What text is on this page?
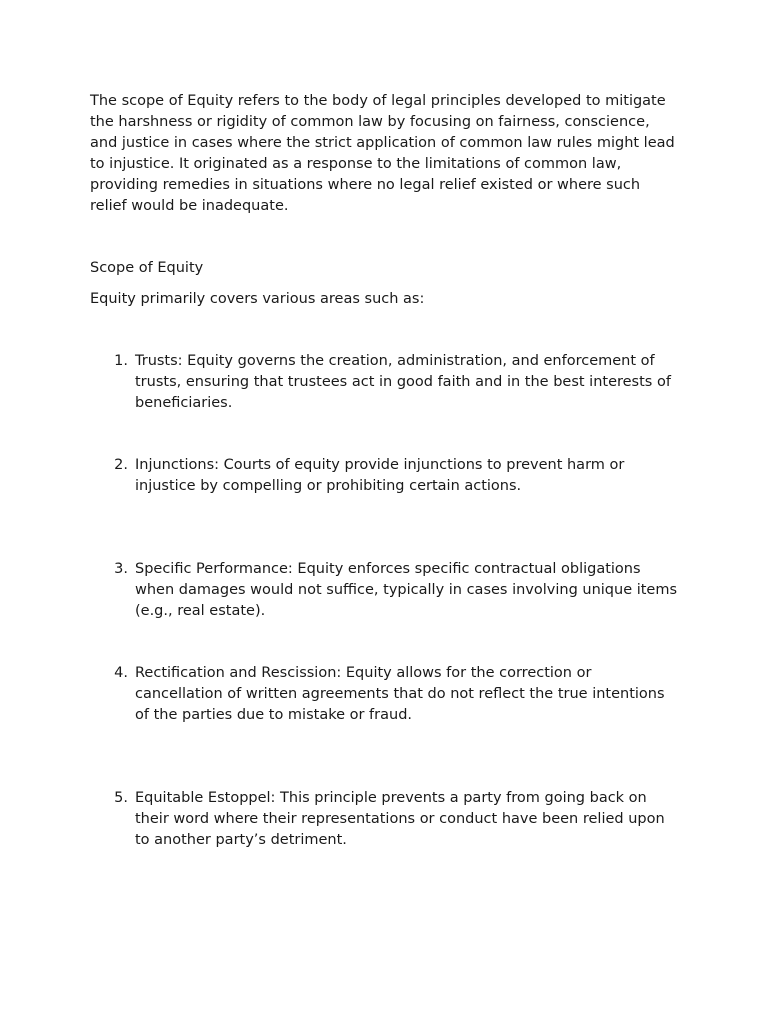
The scope of Equity refers to the body of legal principles developed to mitigate the harshness or rigidity of common law by focusing on fairness, conscience, and justice in cases where the strict application of common law rules might lead to injustice. It originated as a response to the limitations of common law, providing remedies in situations where no legal relief existed or where such relief would be inadequate.

Scope of Equity

Equity primarily covers various areas such as:

1. Trusts: Equity governs the creation, administration, and enforcement of trusts, ensuring that trustees act in good faith and in the best interests of beneficiaries.
2. Injunctions: Courts of equity provide injunctions to prevent harm or injustice by compelling or prohibiting certain actions.
3. Specific Performance: Equity enforces specific contractual obligations when damages would not suffice, typically in cases involving unique items (e.g., real estate).
4. Rectification and Rescission: Equity allows for the correction or cancellation of written agreements that do not reflect the true intentions of the parties due to mistake or fraud.
5. Equitable Estoppel: This principle prevents a party from going back on their word where their representations or conduct have been relied upon to another party’s detriment.
